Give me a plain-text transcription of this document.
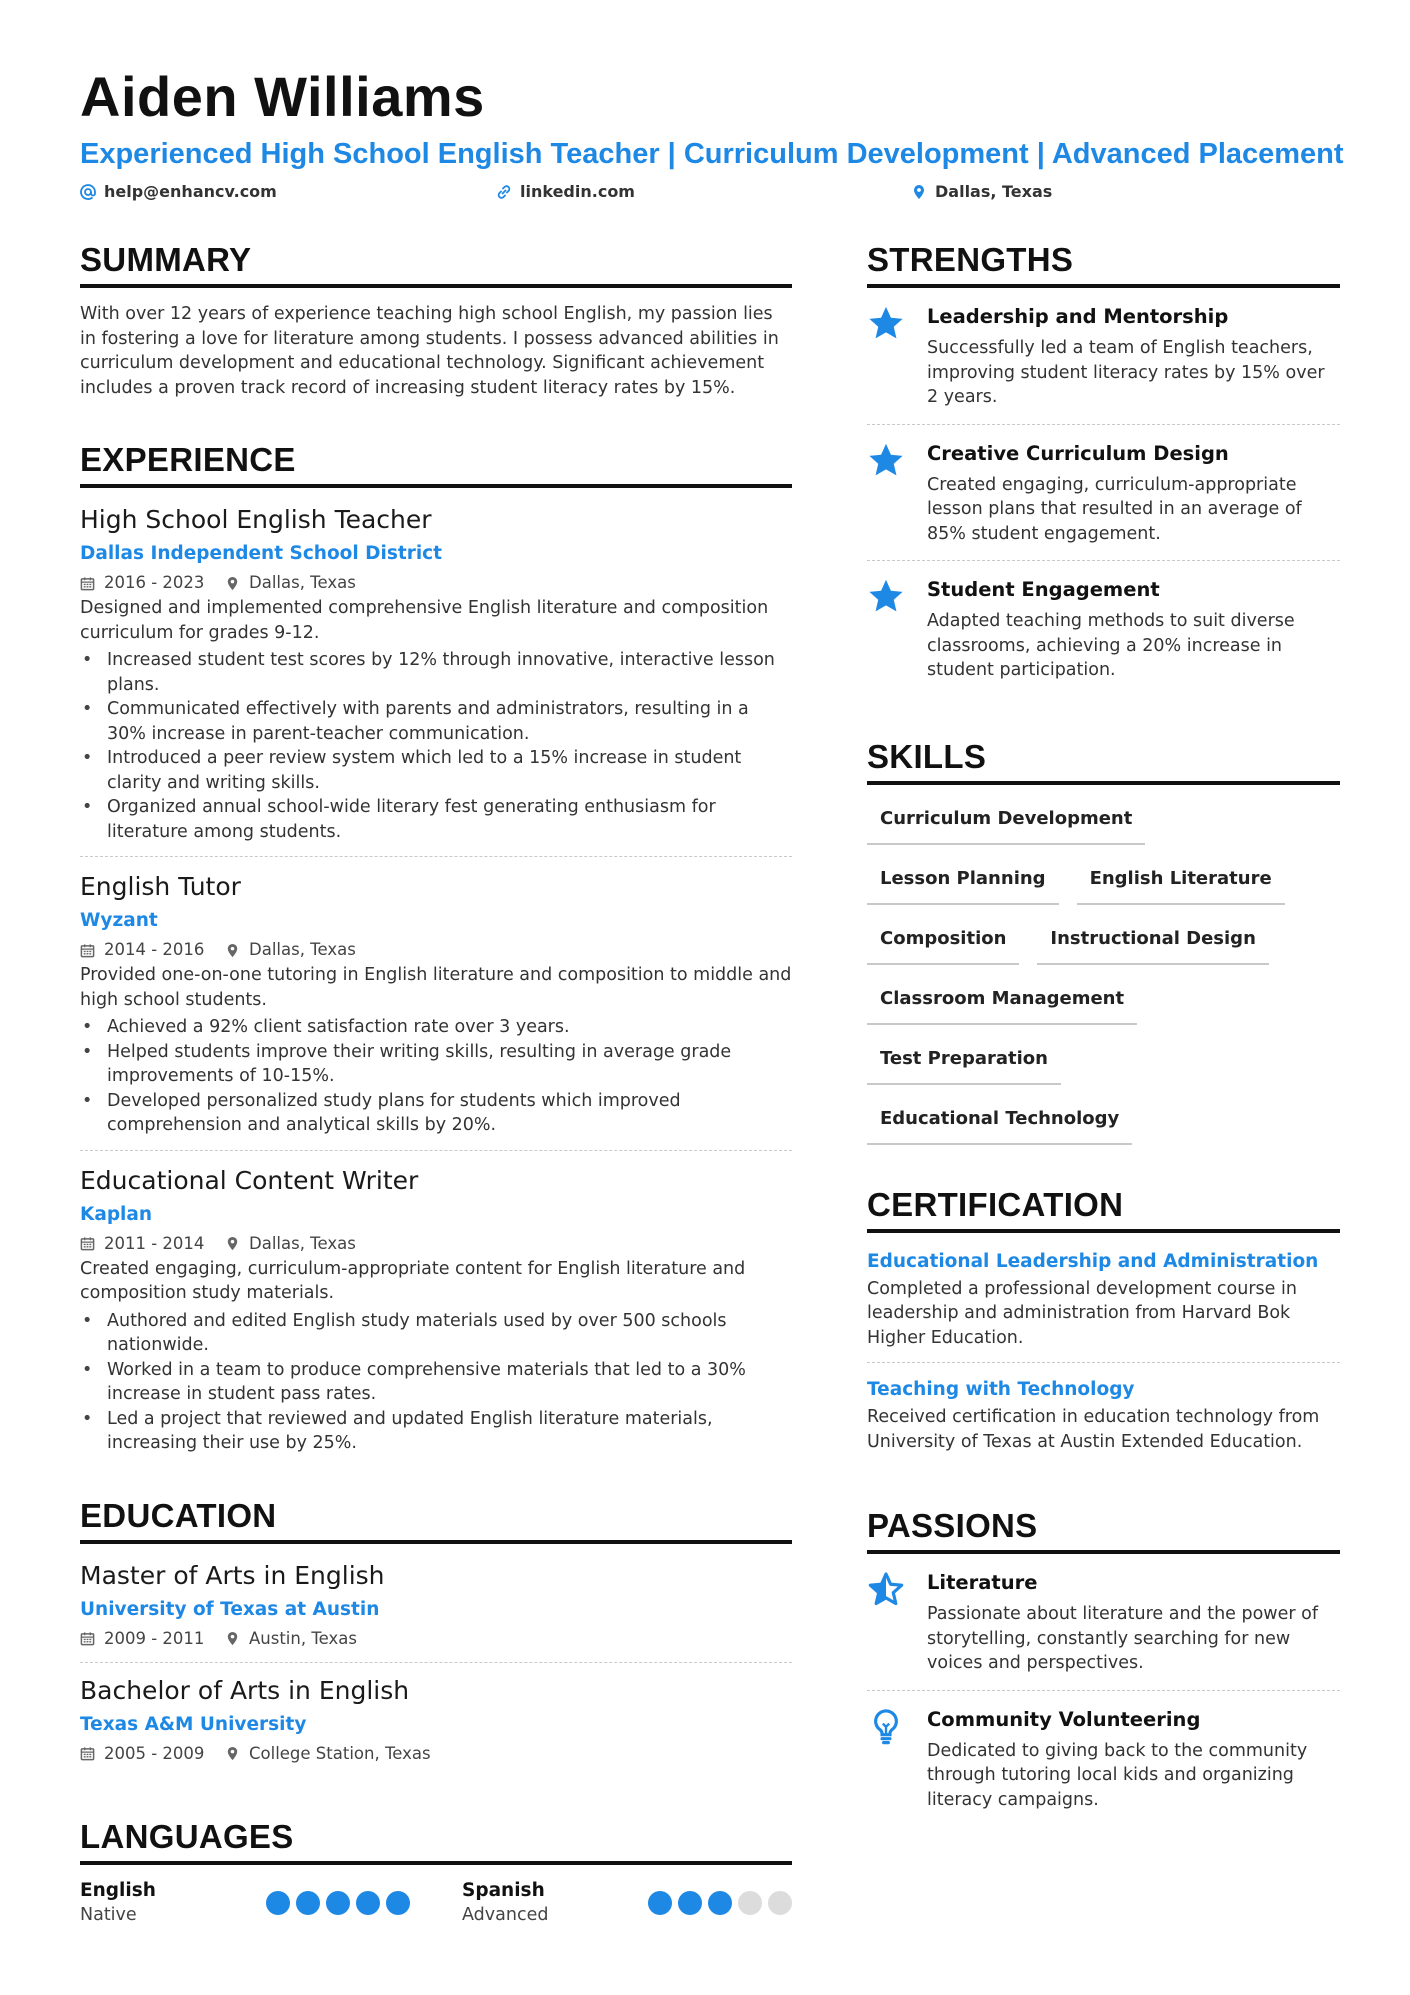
Aiden Williams
Experienced High School English Teacher | Curriculum Development | Advanced Placement
help@enhancv.com	linkedin.com	Dallas, Texas
SUMMARY
With over 12 years of experience teaching high school English, my passion lies in fostering a love for literature among students. I possess advanced abilities in curriculum development and educational technology. Significant achievement includes a proven track record of increasing student literacy rates by 15%.
EXPERIENCE
High School English Teacher
Dallas Independent School District
2016 - 2023	Dallas, Texas
Designed and implemented comprehensive English literature and composition curriculum for grades 9-12.
• Increased student test scores by 12% through innovative, interactive lesson plans.
• Communicated effectively with parents and administrators, resulting in a 30% increase in parent-teacher communication.
• Introduced a peer review system which led to a 15% increase in student clarity and writing skills.
• Organized annual school-wide literary fest generating enthusiasm for literature among students.
English Tutor
Wyzant
2014 - 2016	Dallas, Texas
Provided one-on-one tutoring in English literature and composition to middle and high school students.
• Achieved a 92% client satisfaction rate over 3 years.
• Helped students improve their writing skills, resulting in average grade improvements of 10-15%.
• Developed personalized study plans for students which improved comprehension and analytical skills by 20%.
Educational Content Writer
Kaplan
2011 - 2014	Dallas, Texas
Created engaging, curriculum-appropriate content for English literature and composition study materials.
• Authored and edited English study materials used by over 500 schools nationwide.
• Worked in a team to produce comprehensive materials that led to a 30% increase in student pass rates.
• Led a project that reviewed and updated English literature materials, increasing their use by 25%.
EDUCATION
Master of Arts in English
University of Texas at Austin
2009 - 2011	Austin, Texas
Bachelor of Arts in English
Texas A&M University
2005 - 2009	College Station, Texas
LANGUAGES
English
Native
Spanish
Advanced
STRENGTHS
Leadership and Mentorship
Successfully led a team of English teachers, improving student literacy rates by 15% over 2 years.
Creative Curriculum Design
Created engaging, curriculum-appropriate lesson plans that resulted in an average of 85% student engagement.
Student Engagement
Adapted teaching methods to suit diverse classrooms, achieving a 20% increase in student participation.
SKILLS
Curriculum Development
Lesson Planning	English Literature
Composition	Instructional Design
Classroom Management
Test Preparation
Educational Technology
CERTIFICATION
Educational Leadership and Administration
Completed a professional development course in leadership and administration from Harvard Bok Higher Education.
Teaching with Technology
Received certification in education technology from University of Texas at Austin Extended Education.
PASSIONS
Literature
Passionate about literature and the power of storytelling, constantly searching for new voices and perspectives.
Community Volunteering
Dedicated to giving back to the community through tutoring local kids and organizing literacy campaigns.
